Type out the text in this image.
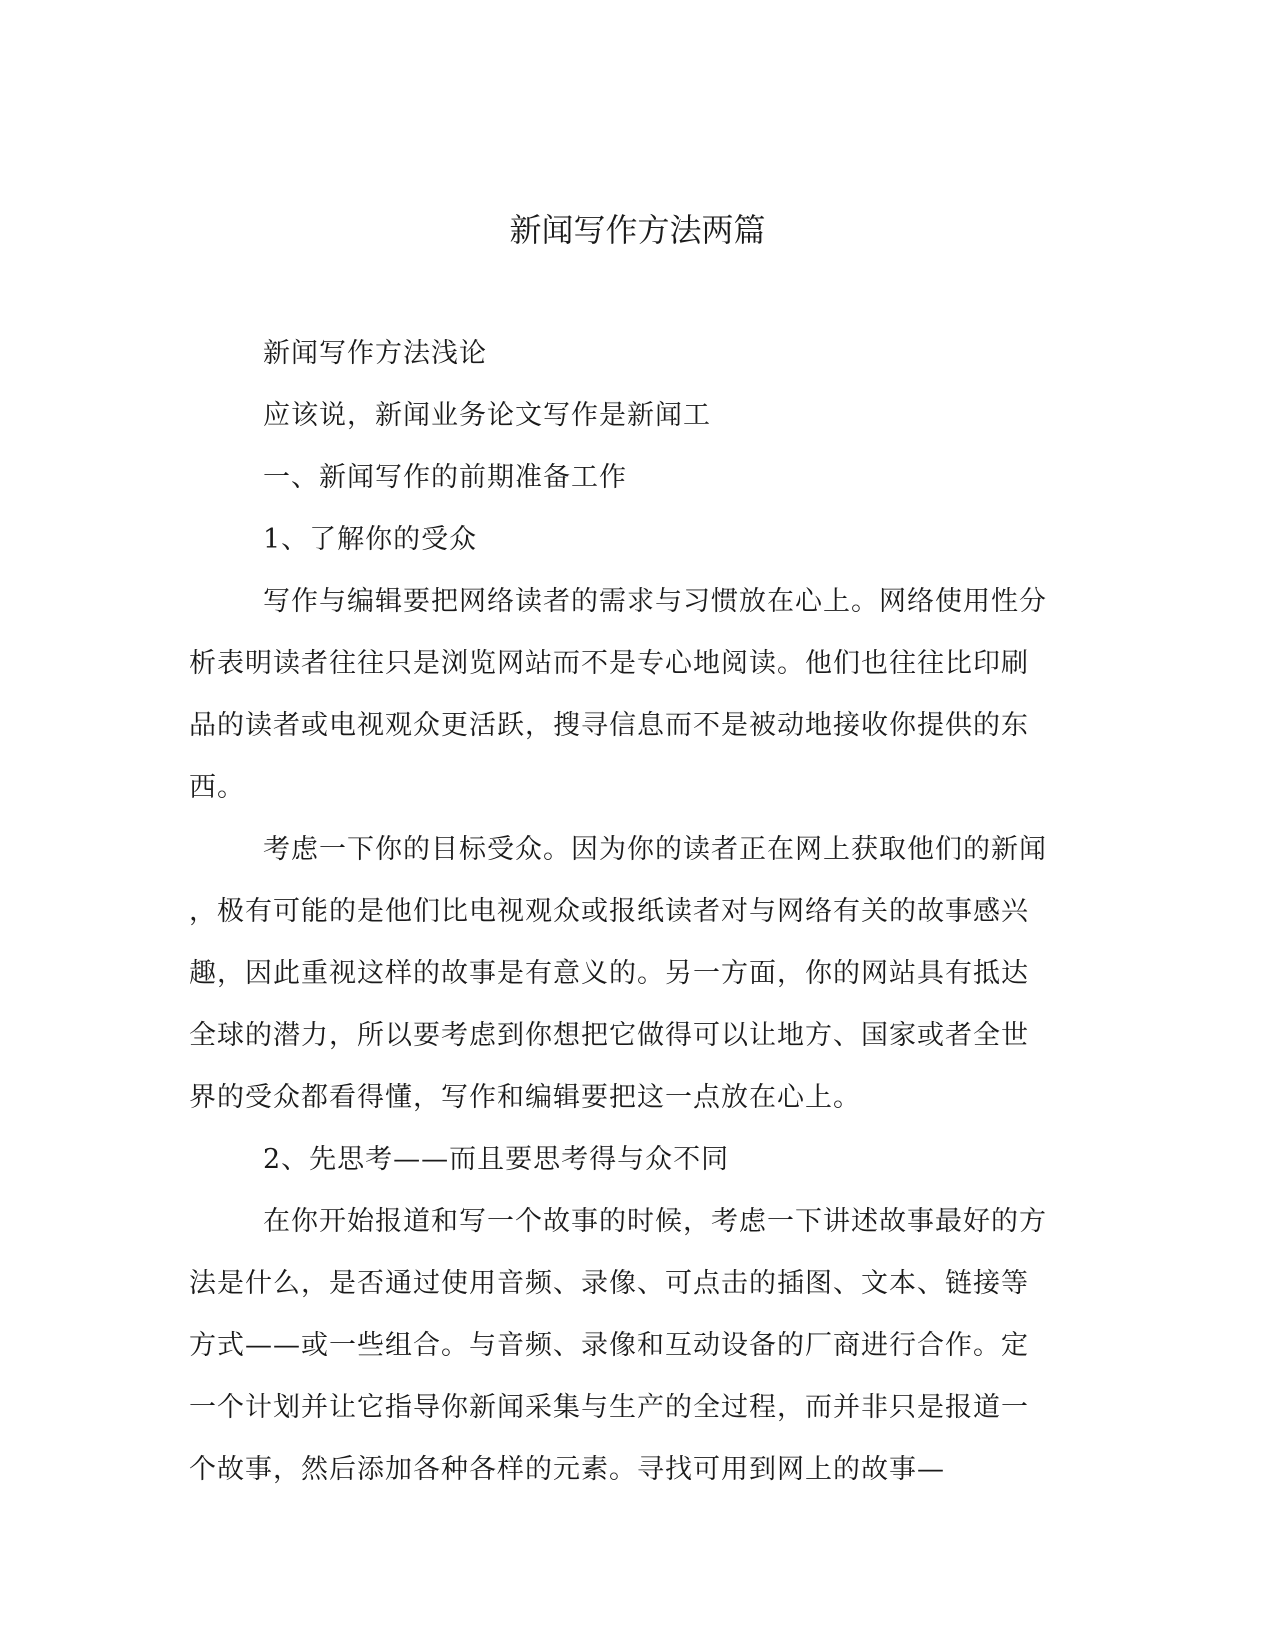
新闻写作方法两篇

新闻写作方法浅论

应该说，新闻业务论文写作是新闻工

一、新闻写作的前期准备工作

1、了解你的受众

写作与编辑要把网络读者的需求与习惯放在心上。网络使用性分
析表明读者往往只是浏览网站而不是专心地阅读。他们也往往比印刷
品的读者或电视观众更活跃，搜寻信息而不是被动地接收你提供的东
西。

考虑一下你的目标受众。因为你的读者正在网上获取他们的新闻
，极有可能的是他们比电视观众或报纸读者对与网络有关的故事感兴
趣，因此重视这样的故事是有意义的。另一方面，你的网站具有抵达
全球的潜力，所以要考虑到你想把它做得可以让地方、国家或者全世
界的受众都看得懂，写作和编辑要把这一点放在心上。

2、先思考——而且要思考得与众不同

在你开始报道和写一个故事的时候，考虑一下讲述故事最好的方
法是什么，是否通过使用音频、录像、可点击的插图、文本、链接等
方式——或一些组合。与音频、录像和互动设备的厂商进行合作。定
一个计划并让它指导你新闻采集与生产的全过程，而并非只是报道一
个故事，然后添加各种各样的元素。寻找可用到网上的故事—
